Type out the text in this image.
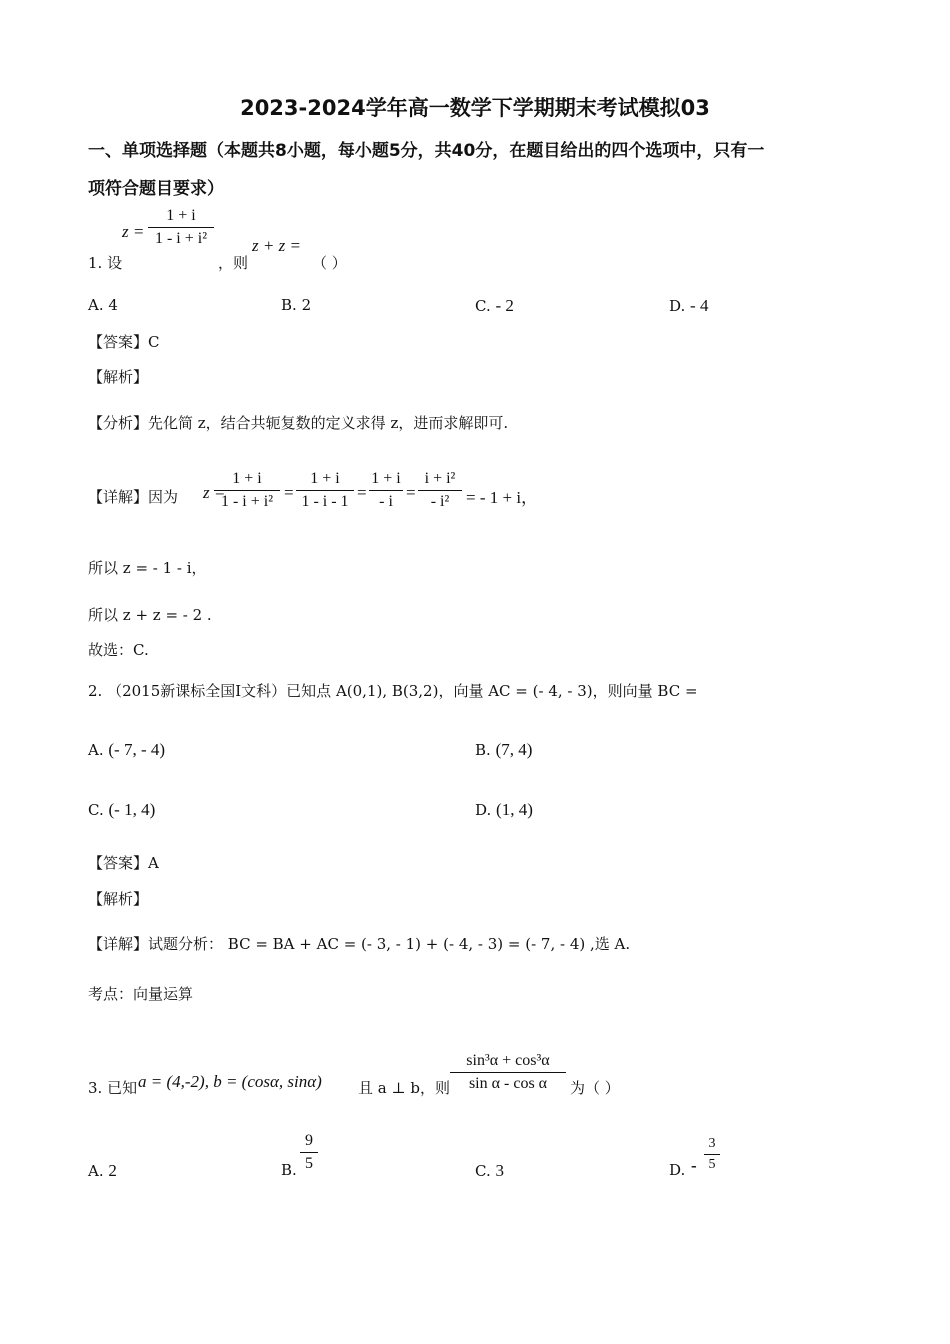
2023-2024学年高一数学下学期期末考试模拟03
一、单项选择题（本题共8小题，每小题5分，共40分，在题目给出的四个选项中，只有一
项符合题目要求）
1. 设
z =
1 + i
1 - i + i²
，则
z + z =
（ ）
A. 4	B. 2	C. - 2	D. - 4
【答案】C
【解析】
【分析】先化简 z，结合共轭复数的定义求得 z，进而求解即可.
【详解】因为 z =
1 + i
1 - i + i² =
1 + i
1 - i - 1 =
1 + i
- i =
i + i²
- i² = - 1 + i，
所以 z = - 1 - i，
所以 z + z = - 2 .
故选：C.
2. （2015新课标全国Ⅰ文科）已知点 A(0,1), B(3,2)，向量 AC = (- 4, - 3)，则向量 BC =
A. (- 7, - 4)	B. (7, 4)
C. (- 1, 4)	D. (1, 4)
【答案】A
【解析】
【详解】试题分析： BC = BA + AC = (- 3, - 1) + (- 4, - 3) = (- 7, - 4) ,选 A.
考点：向量运算
3. 已知 a = (4,-2), b = (cosα, sinα) 且 a ⊥ b，则
sin³α + cos³α
sin α - cos α	为（ ）
A. 2	B.
9
5	C. 3	D. -
3
5
